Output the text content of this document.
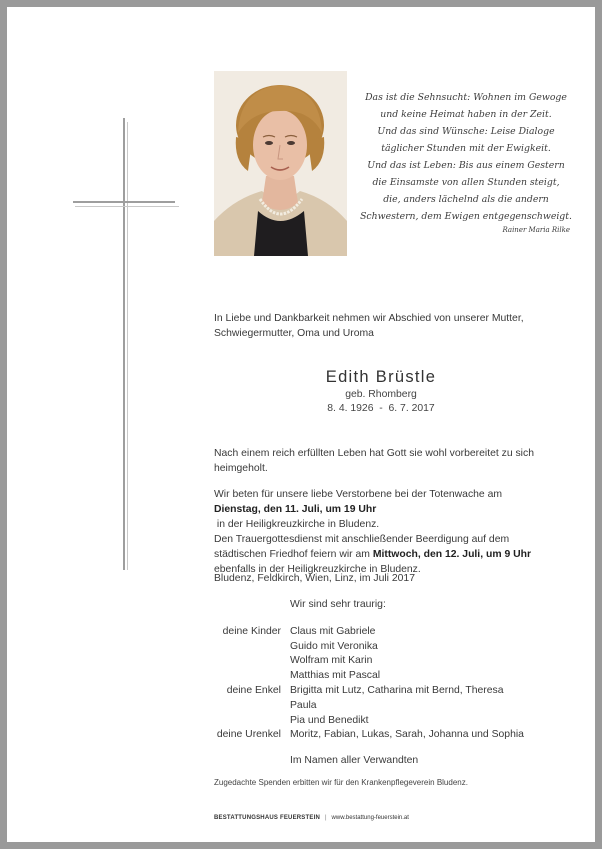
Das ist die Sehnsucht: Wohnen im Gewoge
und keine Heimat haben in der Zeit.
Und das sind Wünsche: Leise Dialoge
täglicher Stunden mit der Ewigkeit.
Und das ist Leben: Bis aus einem Gestern
die Einsamste von allen Stunden steigt,
die, anders lächelnd als die andern
Schwestern, dem Ewigen entgegenschweigt.
Rainer Maria Rilke
In Liebe und Dankbarkeit nehmen wir Abschied von unserer Mutter,
Schwiegermutter, Oma und Uroma
Edith Brüstle
geb. Rhomberg
8. 4. 1926  -  6. 7. 2017
Nach einem reich erfüllten Leben hat Gott sie wohl vorbereitet zu sich
heimgeholt.
Wir beten für unsere liebe Verstorbene bei der Totenwache am
Dienstag, den 11. Juli, um 19 Uhr
in der Heiligkreuzkirche in Bludenz.
Den Trauergottesdienst mit anschließender Beerdigung auf dem
städtischen Friedhof feiern wir am Mittwoch, den 12. Juli, um 9 Uhr
ebenfalls in der Heiligkreuzkirche in Bludenz.
Bludenz, Feldkirch, Wien, Linz, im Juli 2017
Wir sind sehr traurig:
deine Kinder Claus mit Gabriele
Guido mit Veronika
Wolfram mit Karin
Matthias mit Pascal
deine Enkel Brigitta mit Lutz, Catharina mit Bernd, Theresa
Paula
Pia und Benedikt
deine Urenkel Moritz, Fabian, Lukas, Sarah, Johanna und Sophia
Im Namen aller Verwandten
Zugedachte Spenden erbitten wir für den Krankenpflegeverein Bludenz.
BESTATTUNGSHAUS FEUERSTEIN | www.bestattung-feuerstein.at
